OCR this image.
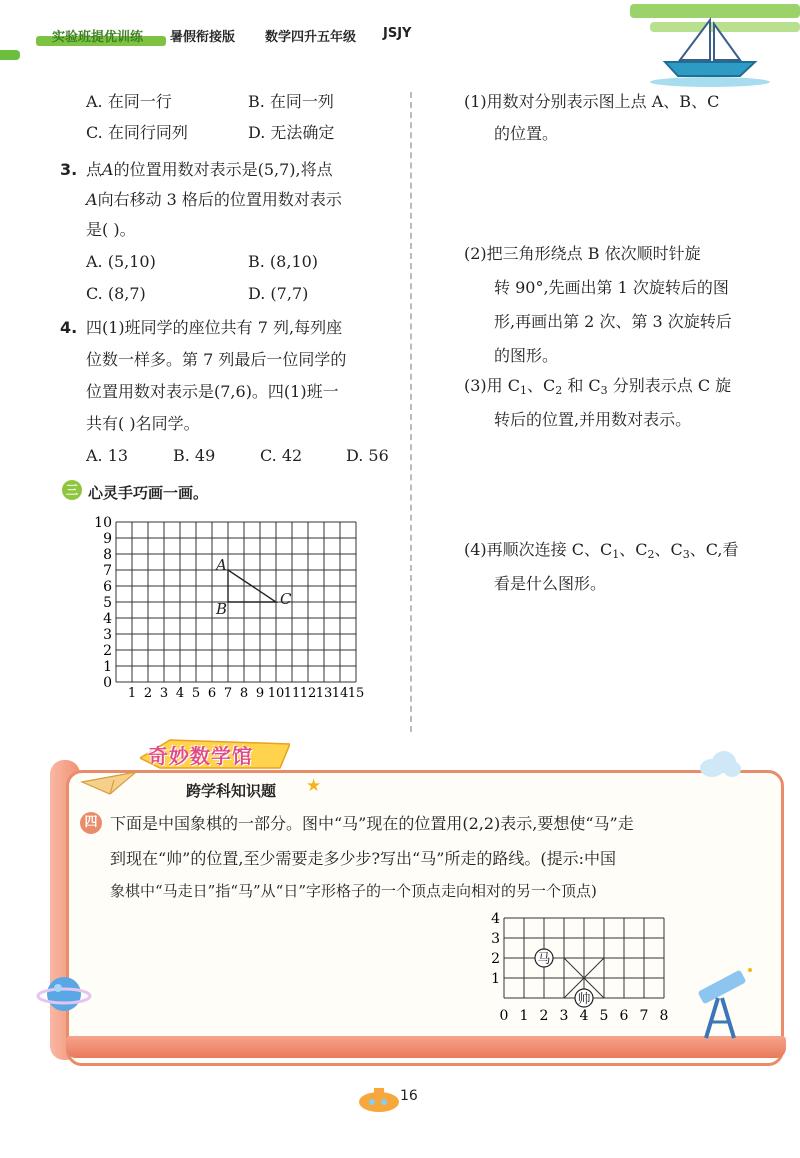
实验班提优训练 暑假衔接版 数学四升五年级 JSJY
A. 在同一行	B. 在同一列
C. 在同行同列	D. 无法确定
3. 点A的位置用数对表示是(5,7),将点
A向右移动 3 格后的位置用数对表示
是( )。
A. (5,10)	B. (8,10)
C. (8,7)	D. (7,7)
4. 四(1)班同学的座位共有 7 列,每列座
位数一样多。第 7 列最后一位同学的
位置用数对表示是(7,6)。四(1)班一
共有( )名同学。
A. 13	B. 49	C. 42	D. 56
三 心灵手巧画一画。
0
1
2
3
4
5
6
7
8
9
10
1 2 3 4 5 6 7 8 9 10 11 12 13 14 15
A
B
C
(1)用数对分别表示图上点 A、B、C
的位置。
(2)把三角形绕点 B 依次顺时针旋
转 90°,先画出第 1 次旋转后的图
形,再画出第 2 次、第 3 次旋转后
的图形。
(3)用 $C_1$、$C_2$ 和 $C_3$ 分别表示点 C 旋
转后的位置,并用数对表示。
(4)再顺次连接 C、$C_1$、$C_2$、$C_3$、C,看
看是什么图形。
奇妙数学馆
跨学科知识题 ★
四 下面是中国象棋的一部分。图中“马”现在的位置用(2,2)表示,要想使“马”走
到现在“帅”的位置,至少需要走多少步?写出“马”所走的路线。(提示:中国
象棋中“马走日”指“马”从“日”字形格子的一个顶点走向相对的另一个顶点)
1
2
3
4
0 1 2 3 4 5 6 7 8
马
帅
16
